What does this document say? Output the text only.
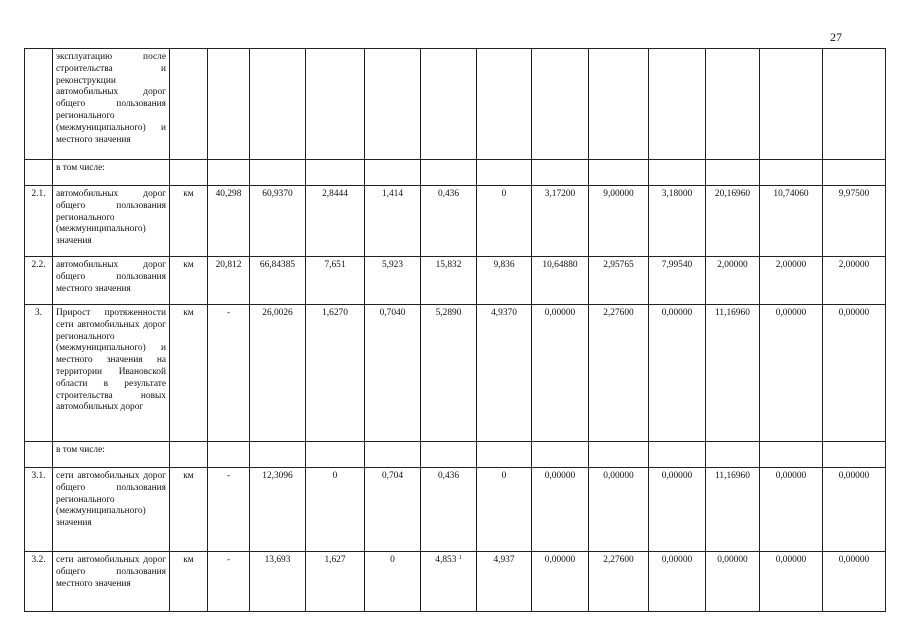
27
	эксплуатацию после строительства и реконструкции автомобильных дорог общего пользования регионального (межмуниципального) и местного значения													
	в том числе:													
2.1.	автомобильных дорог общего пользования регионального (межмуниципального) значения	км	40,298	60,9370	2,8444	1,414	0,436	0	3,17200	9,00000	3,18000	20,16960	10,74060	9,97500
2.2.	автомобильных дорог общего пользования местного значения	км	20,812	66,84385	7,651	5,923	15,832	9,836	10,64880	2,95765	7,99540	2,00000	2,00000	2,00000
3.	Прирост протяженности сети автомобильных дорог регионального (межмуниципального) и местного значения на территории Ивановской области в результате строительства новых автомобильных дорог	км	-	26,0026	1,6270	0,7040	5,2890	4,9370	0,00000	2,27600	0,00000	11,16960	0,00000	0,00000
	в том числе:													
3.1.	сети автомобильных дорог общего пользования регионального (межмуниципального) значения	км	-	12,3096	0	0,704	0,436	0	0,00000	0,00000	0,00000	11,16960	0,00000	0,00000
3.2.	сети автомобильных дорог общего пользования местного значения	км	-	13,693	1,627	0	4,853 $^1$	4,937	0,00000	2,27600	0,00000	0,00000	0,00000	0,00000
